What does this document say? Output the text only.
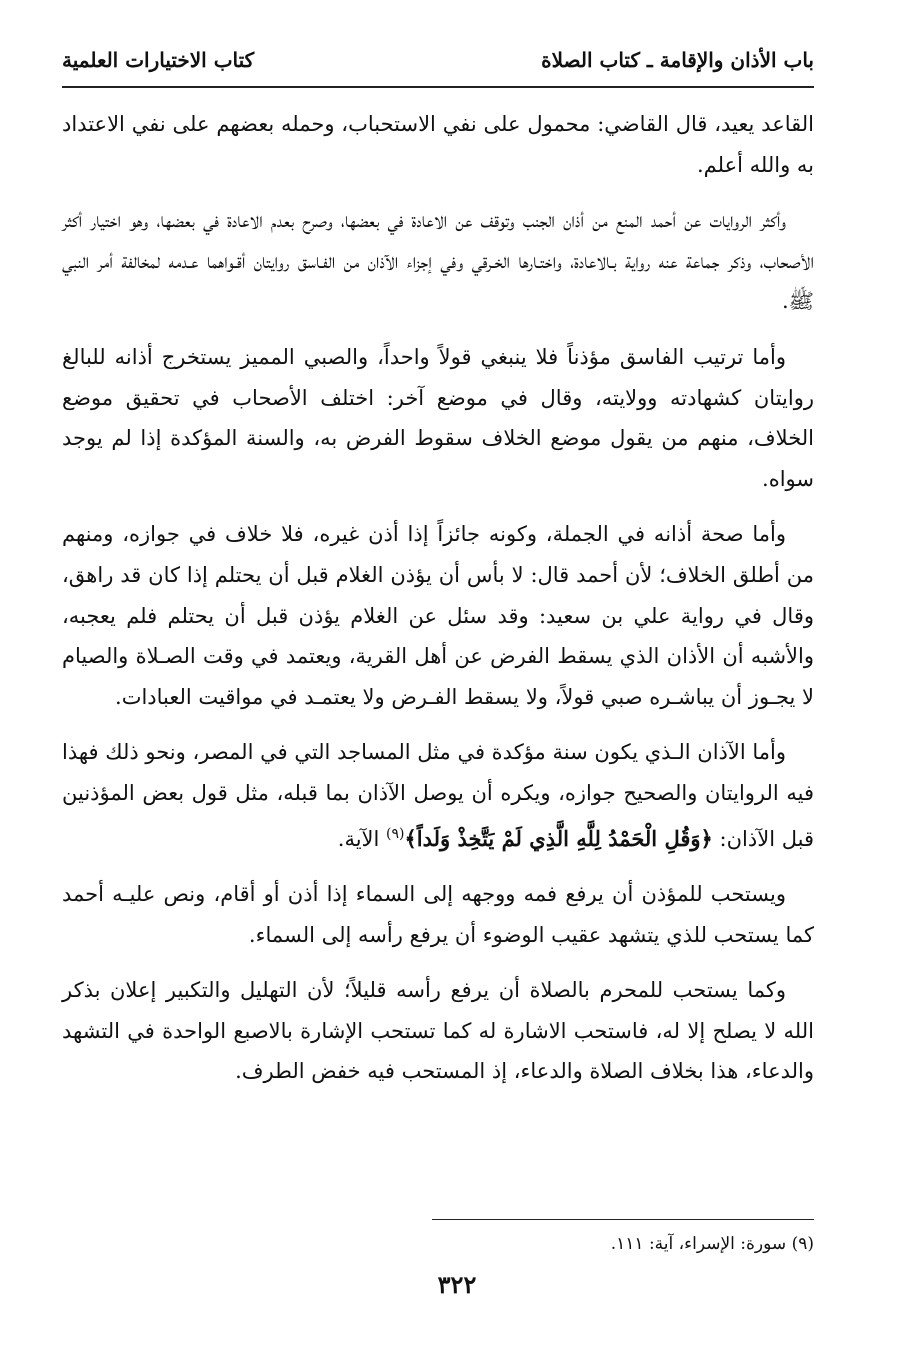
باب الأذان والإقامة ـ كتاب الصلاة
كتاب الاختيارات العلمية

القاعد يعيد، قال القاضي: محمول على نفي الاستحباب، وحمله بعضهم على نفي الاعتداد به والله أعلم.

وأكثر الروايات عن أحمد المنع من أذان الجنب وتوقف عن الاعادة في بعضها، وصرح بعدم الاعادة في بعضها، وهو اختيار أكثر الأصحاب، وذكر جماعة عنه رواية بـالاعادة، واختـارها الخـرقي وفي إجزاء الآذان من الفـاسق روايتان أقـواهما عـدمه لمخالفة أمر النبي ﷺ.

وأما ترتيب الفاسق مؤذناً فلا ينبغي قولاً واحداً، والصبي المميز يستخرج أذانه للبالغ روايتان كشهادته وولايته، وقال في موضع آخر: اختلف الأصحاب في تحقيق موضع الخلاف، منهم من يقول موضع الخلاف سقوط الفرض به، والسنة المؤكدة إذا لم يوجد سواه.

وأما صحة أذانه في الجملة، وكونه جائزاً إذا أذن غيره، فلا خلاف في جوازه، ومنهم من أطلق الخلاف؛ لأن أحمد قال: لا بأس أن يؤذن الغلام قبل أن يحتلم إذا كان قد راهق، وقال في رواية علي بن سعيد: وقد سئل عن الغلام يؤذن قبل أن يحتلم فلم يعجبه، والأشبه أن الأذان الذي يسقط الفرض عن أهل القرية، ويعتمد في وقت الصـلاة والصيام لا يجـوز أن يباشـره صبي قولاً، ولا يسقط الفـرض ولا يعتمـد في مواقيت العبادات.

وأما الآذان الـذي يكون سنة مؤكدة في مثل المساجد التي في المصر، ونحو ذلك فهذا فيه الروايتان والصحيح جوازه، ويكره أن يوصل الآذان بما قبله، مثل قول بعض المؤذنين قبل الآذان: ﴿وَقُلِ الْحَمْدُ لِلَّهِ الَّذِي لَمْ يَتَّخِذْ وَلَداً﴾$^{(٩)}$ الآية.

ويستحب للمؤذن أن يرفع فمه ووجهه إلى السماء إذا أذن أو أقام، ونص عليـه أحمد كما يستحب للذي يتشهد عقيب الوضوء أن يرفع رأسه إلى السماء.

وكما يستحب للمحرم بالصلاة أن يرفع رأسه قليلاً؛ لأن التهليل والتكبير إعلان بذكر الله لا يصلح إلا له، فاستحب الاشارة له كما تستحب الإشارة بالاصبع الواحدة في التشهد والدعاء، هذا بخلاف الصلاة والدعاء، إذ المستحب فيه خفض الطرف.

(٩) سورة: الإسراء، آية: ١١١.
٣٢٢
